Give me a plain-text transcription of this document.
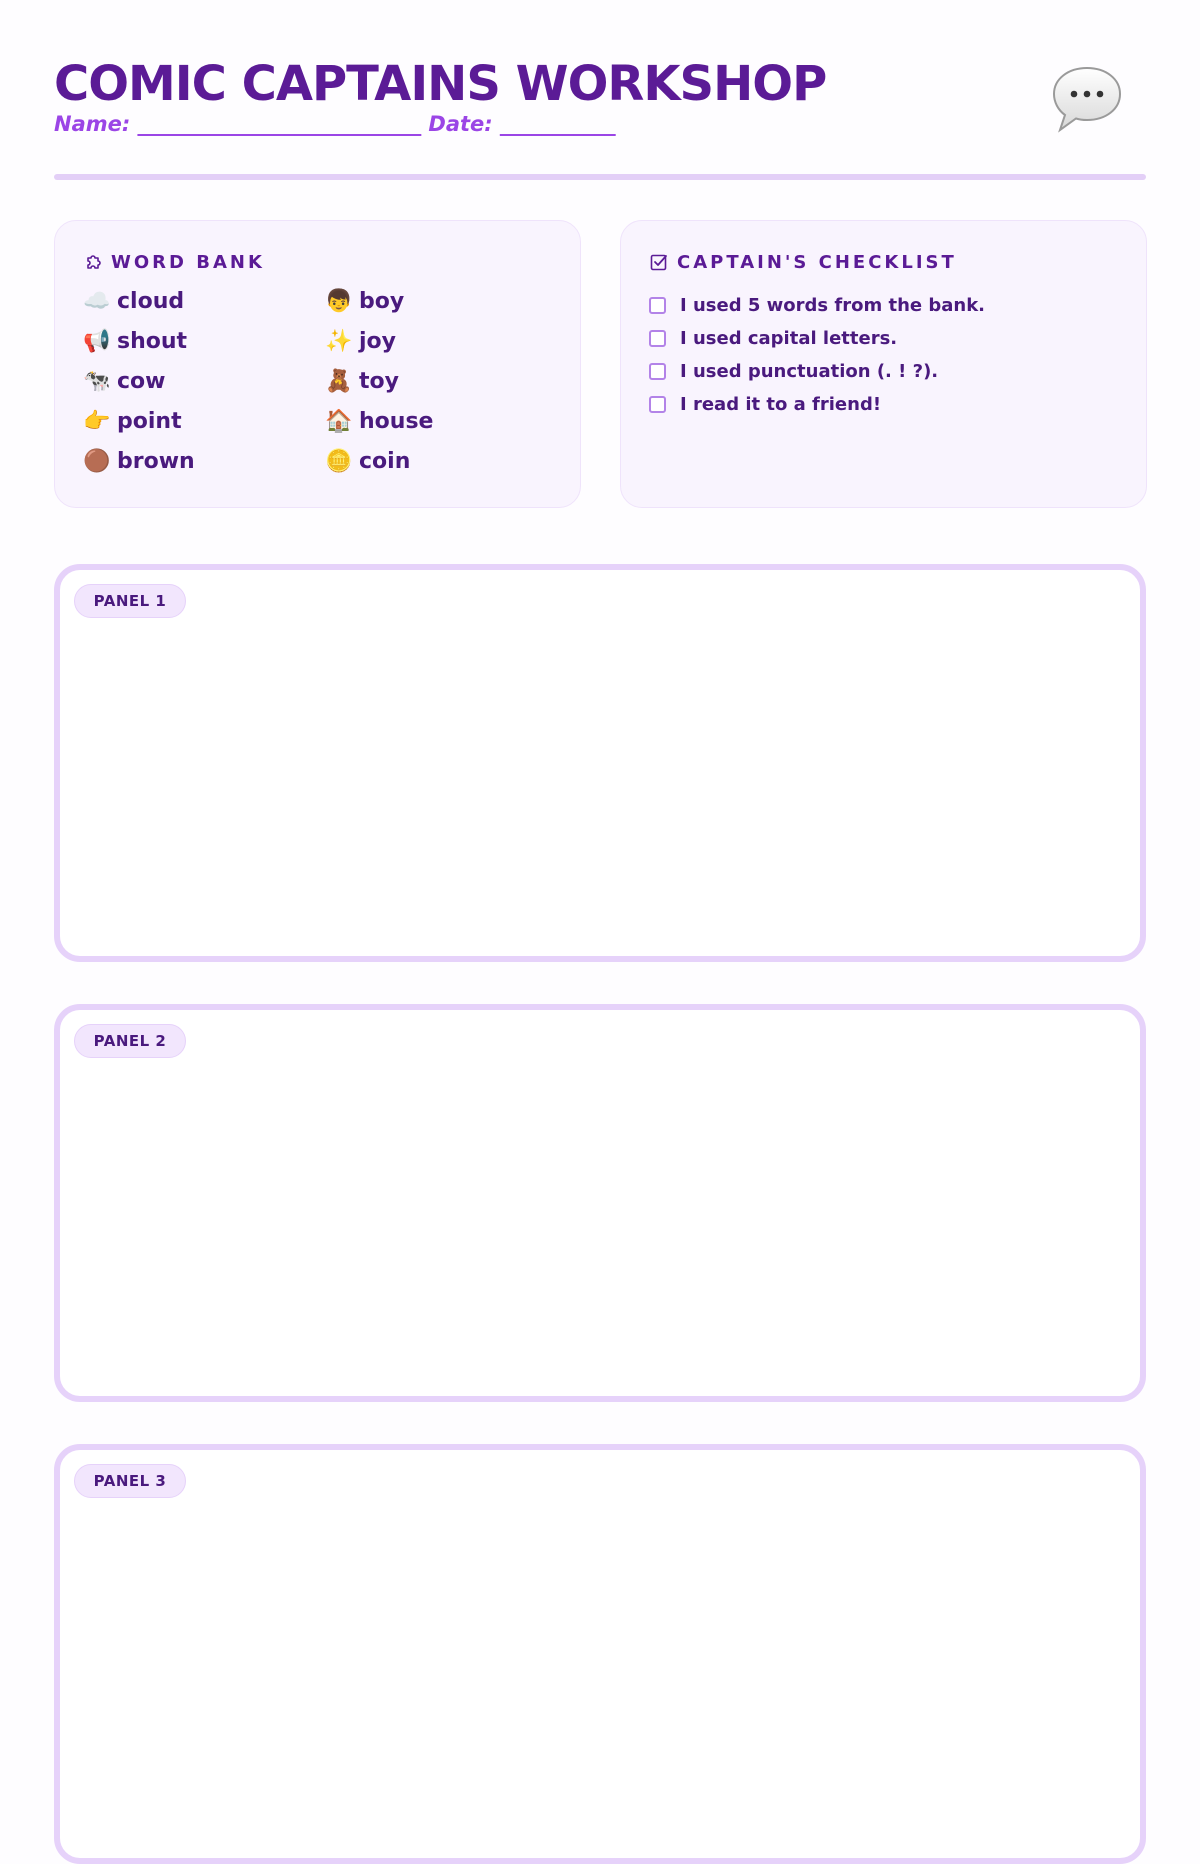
COMIC CAPTAINS WORKSHOP
Name: ___________________________ Date: ___________
WORD BANK
☁️ cloud	👦 boy
📢 shout	✨ joy
🐄 cow	🧸 toy
👉 point	🏠 house
🟤 brown	🪙 coin
CAPTAIN'S CHECKLIST
I used 5 words from the bank.
I used capital letters.
I used punctuation (. ! ?).
I read it to a friend!
PANEL 1
PANEL 2
PANEL 3
